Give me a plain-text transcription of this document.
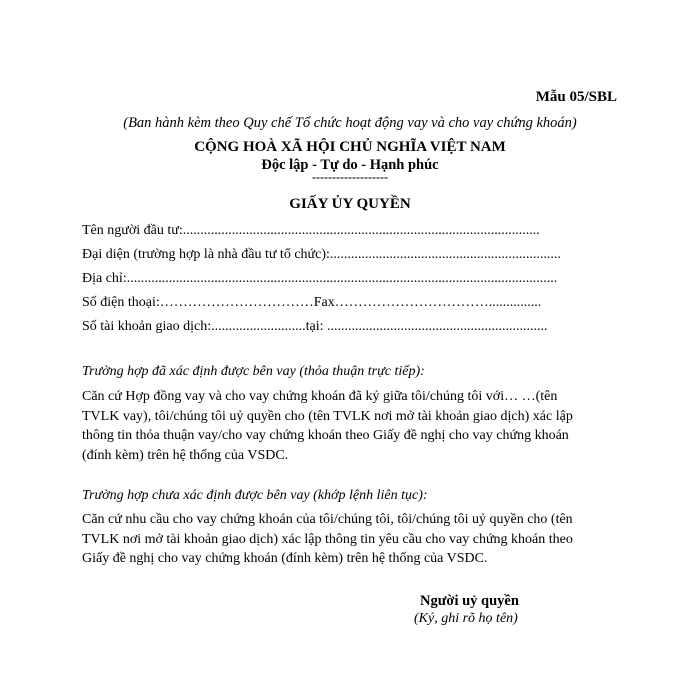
Mẫu 05/SBL
(Ban hành kèm theo Quy chế Tổ chức hoạt động vay và cho vay chứng khoán)
CỘNG HOÀ XÃ HỘI CHỦ NGHĨA VIỆT NAM
Độc lập - Tự do - Hạnh phúc
-------------------
GIẤY ỦY QUYỀN
Tên người đầu tư:......................................................................................................
Đại diện (trường hợp là nhà đầu tư tổ chức):..................................................................
Địa chỉ:...........................................................................................................................
Số điện thoại:……………………………Fax……………………………...............
Số tài khoản giao dịch:...........................tại: ...............................................................
Trường hợp đã xác định được bên vay (thỏa thuận trực tiếp):
Căn cứ Hợp đồng vay và cho vay chứng khoán đã ký giữa tôi/chúng tôi với… …(tên
TVLK vay), tôi/chúng tôi uỷ quyền cho (tên TVLK nơi mở tài khoản giao dịch) xác lập
thông tin thỏa thuận vay/cho vay chứng khoán theo Giấy đề nghị cho vay chứng khoán
(đính kèm) trên hệ thống của VSDC.
Trường hợp chưa xác định được bên vay (khớp lệnh liên tục):
Căn cứ nhu cầu cho vay chứng khoán của tôi/chúng tôi, tôi/chúng tôi uỷ quyền cho (tên
TVLK nơi mở tài khoản giao dịch) xác lập thông tin yêu cầu cho vay chứng khoán theo
Giấy đề nghị cho vay chứng khoán (đính kèm) trên hệ thống của VSDC.
Người uỷ quyền
(Ký, ghi rõ họ tên)
